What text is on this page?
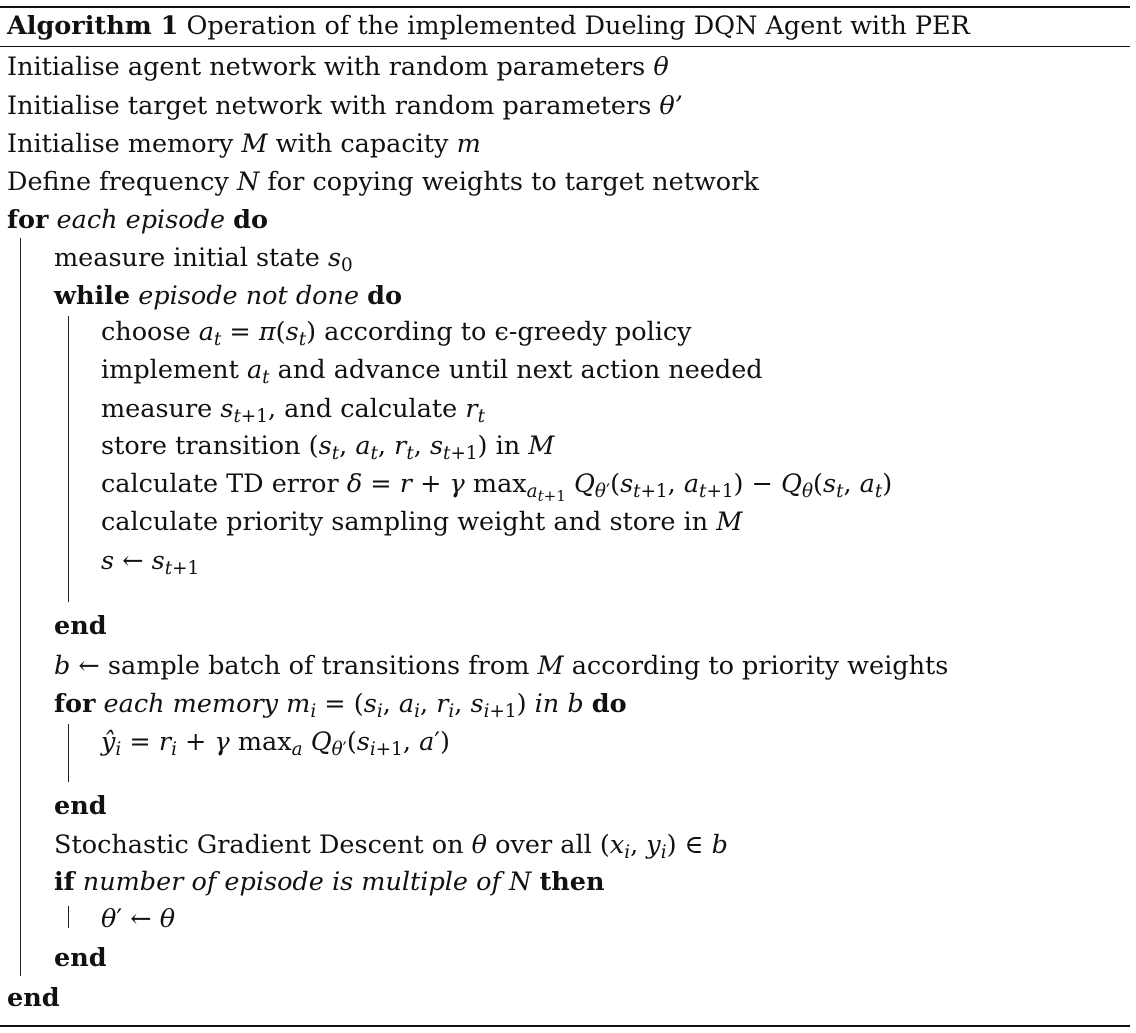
Algorithm 1 Operation of the implemented Dueling DQN Agent with PER
Initialise agent network with random parameters θ
Initialise target network with random parameters θ’
Initialise memory M with capacity m
Define frequency N for copying weights to target network
for each episode do
measure initial state $s_0$
while episode not done do
choose $a_t = \pi(s_t)$ according to ϵ-greedy policy
implement $a_t$ and advance until next action needed
measure $s_{t+1}$, and calculate $r_t$
store transition ($s_t$, $a_t$, $r_t$, $s_{t+1}$) in M
calculate TD error δ = r + γ $\max_{a_{t+1}} Q_{\theta'}(s_{t+1}$, $a_{t+1}) - Q_\theta(s_t$, $a_t$)
calculate priority sampling weight and store in M
s ← $s_{t+1}$
end
b ← sample batch of transitions from M according to priority weights
for each memory $m_i = (s_i$, $a_i$, $r_i$, $s_{i+1}$) in b do
$ŷ_i = r_i + \gamma$ $\max_a Q_{\theta'}(s_{i+1}$, a′)
end
Stochastic Gradient Descent on θ over all ($x_i$, $y_i$) ∈ b
if number of episode is multiple of N then
θ′ ← θ
end
end
